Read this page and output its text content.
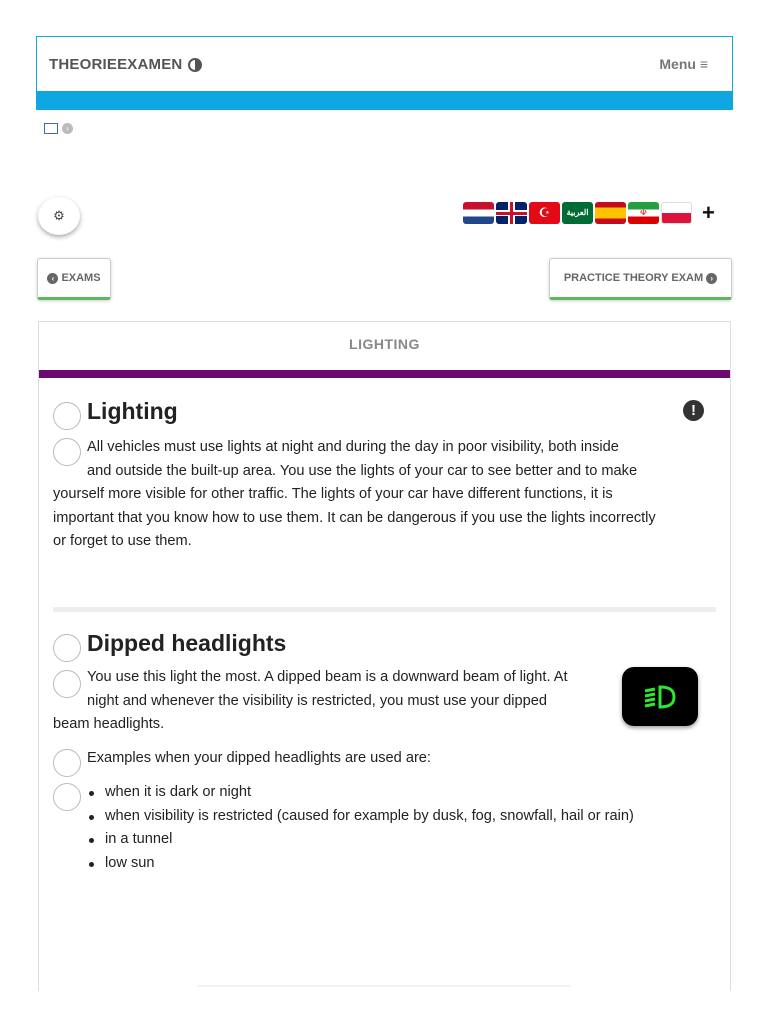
THEORIEEXAMEN	Menu ≡
›
⚙	☪	العربية	☫	+
‹ EXAMS	PRACTICE THEORY EXAM ›
LIGHTING
Lighting	!
All vehicles must use lights at night and during the day in poor visibility, both inside
and outside the built-up area. You use the lights of your car to see better and to make
yourself more visible for other traffic. The lights of your car have different functions, it is
important that you know how to use them. It can be dangerous if you use the lights incorrectly
or forget to use them.
Dipped headlights
You use this light the most. A dipped beam is a downward beam of light. At
night and whenever the visibility is restricted, you must use your dipped
beam headlights.
Examples when your dipped headlights are used are:
when it is dark or night
when visibility is restricted (caused for example by dusk, fog, snowfall, hail or rain)
in a tunnel
low sun
